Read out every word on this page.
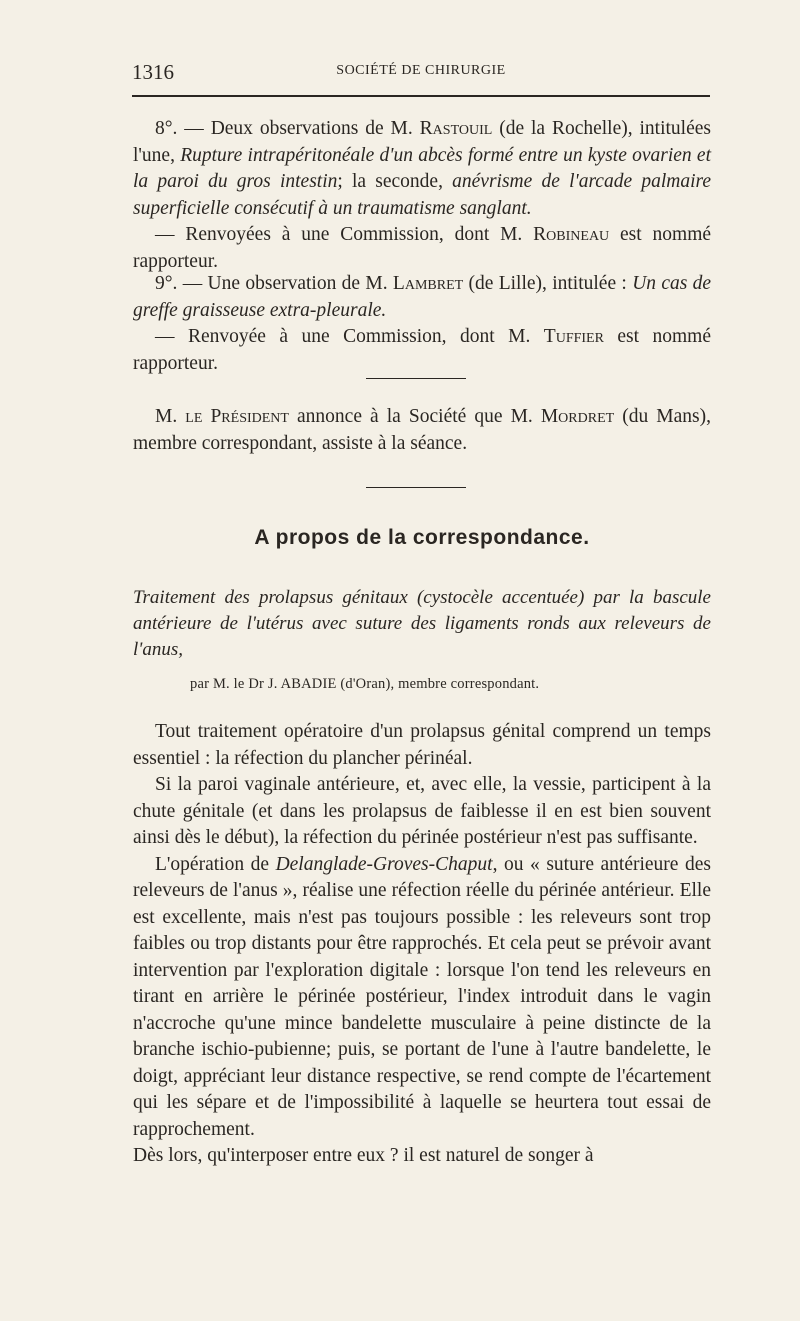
1316	SOCIÉTÉ DE CHIRURGIE

8°. — Deux observations de M. Rastouil (de la Rochelle), intitulées l'une, Rupture intrapéritonéale d'un abcès formé entre un kyste ovarien et la paroi du gros intestin; la seconde, anévrisme de l'arcade palmaire superficielle consécutif à un traumatisme sanglant.

— Renvoyées à une Commission, dont M. Robineau est nommé rapporteur.

9°. — Une observation de M. Lambret (de Lille), intitulée : Un cas de greffe graisseuse extra-pleurale.

— Renvoyée à une Commission, dont M. Tuffier est nommé rapporteur.

M. le Président annonce à la Société que M. Mordret (du Mans), membre correspondant, assiste à la séance.

A propos de la correspondance.

Traitement des prolapsus génitaux (cystocèle accentuée) par la bascule antérieure de l'utérus avec suture des ligaments ronds aux releveurs de l'anus,

par M. le Dr J. ABADIE (d'Oran), membre correspondant.

Tout traitement opératoire d'un prolapsus génital comprend un temps essentiel : la réfection du plancher périnéal.

Si la paroi vaginale antérieure, et, avec elle, la vessie, participent à la chute génitale (et dans les prolapsus de faiblesse il en est bien souvent ainsi dès le début), la réfection du périnée postérieur n'est pas suffisante.

L'opération de Delanglade-Groves-Chaput, ou « suture antérieure des releveurs de l'anus », réalise une réfection réelle du périnée antérieur. Elle est excellente, mais n'est pas toujours possible : les releveurs sont trop faibles ou trop distants pour être rapprochés. Et cela peut se prévoir avant intervention par l'exploration digitale : lorsque l'on tend les releveurs en tirant en arrière le périnée postérieur, l'index introduit dans le vagin n'accroche qu'une mince bandelette musculaire à peine distincte de la branche ischio-pubienne; puis, se portant de l'une à l'autre bandelette, le doigt, appréciant leur distance respective, se rend compte de l'écartement qui les sépare et de l'impossibilité à laquelle se heurtera tout essai de rapprochement.

Dès lors, qu'interposer entre eux ? il est naturel de songer à
